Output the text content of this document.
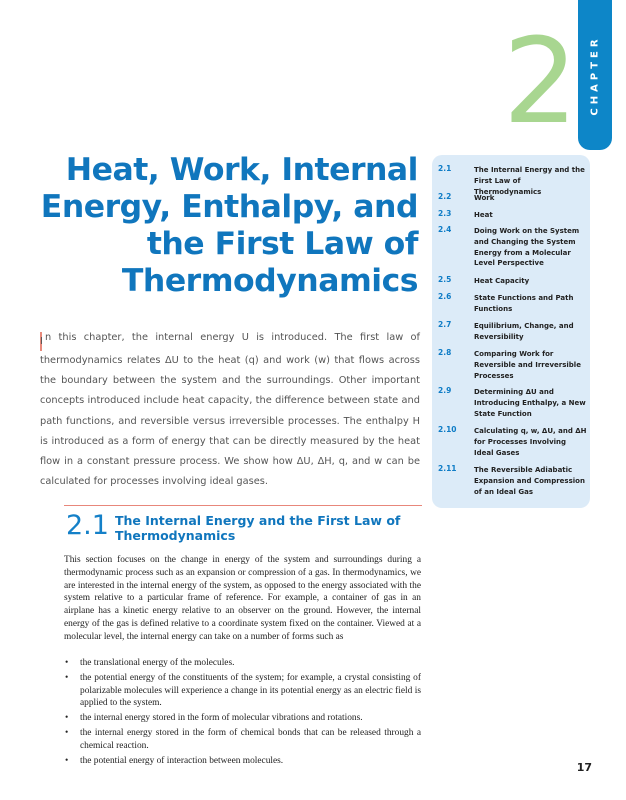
2 CHAPTER
Heat, Work, Internal Energy, Enthalpy, and the First Law of Thermodynamics

I n this chapter, the internal energy U is introduced. The first law of thermodynamics relates ΔU to the heat (q) and work (w) that flows across the boundary between the system and the surroundings. Other important concepts introduced include heat capacity, the difference between state and path functions, and reversible versus irreversible processes. The enthalpy H is introduced as a form of energy that can be directly measured by the heat flow in a constant pressure process. We show how ΔU, ΔH, q, and w can be calculated for processes involving ideal gases.

2.1	The Internal Energy and the First Law of Thermodynamics
2.2	Work
2.3	Heat
2.4	Doing Work on the System and Changing the System Energy from a Molecular Level Perspective
2.5	Heat Capacity
2.6	State Functions and Path Functions
2.7	Equilibrium, Change, and Reversibility
2.8	Comparing Work for Reversible and Irreversible Processes
2.9	Determining ΔU and Introducing Enthalpy, a New State Function
2.10 Calculating q, w, ΔU, and ΔH for Processes Involving Ideal Gases
2.11 The Reversible Adiabatic Expansion and Compression of an Ideal Gas
2.1 The Internal Energy and the First Law of Thermodynamics

This section focuses on the change in energy of the system and surroundings during a thermodynamic process such as an expansion or compression of a gas. In thermodynamics, we are interested in the internal energy of the system, as opposed to the energy associated with the system relative to a particular frame of reference. For example, a container of gas in an airplane has a kinetic energy relative to an observer on the ground. However, the internal energy of the gas is defined relative to a coordinate system fixed on the container. Viewed at a molecular level, the internal energy can take on a number of forms such as

• the translational energy of the molecules.
• the potential energy of the constituents of the system; for example, a crystal consisting of polarizable molecules will experience a change in its potential energy as an electric field is applied to the system.
• the internal energy stored in the form of molecular vibrations and rotations.
• the internal energy stored in the form of chemical bonds that can be released through a chemical reaction.
• the potential energy of interaction between molecules.
17
